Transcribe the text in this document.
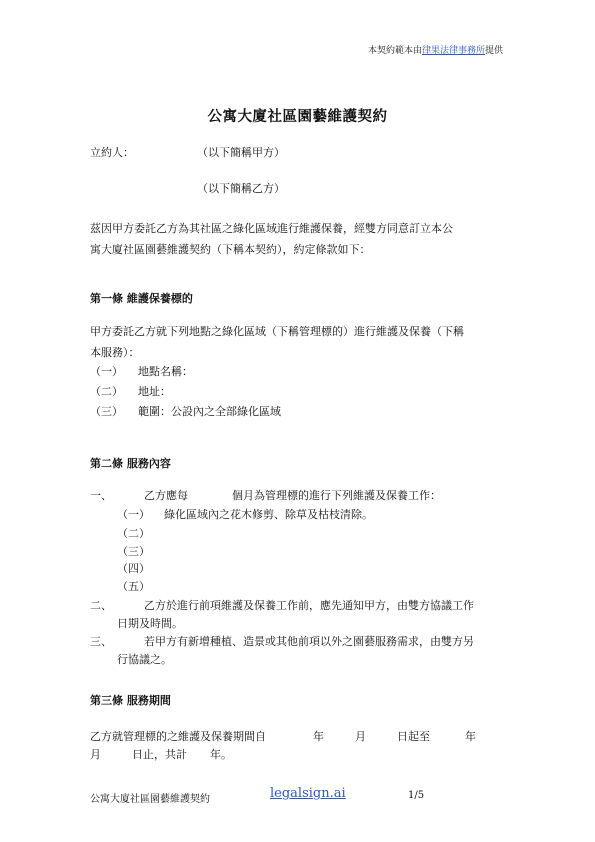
本契約範本由律果法律事務所提供
公寓大廈社區園藝維護契約
立約人：	（以下簡稱甲方）
（以下簡稱乙方）
茲因甲方委託乙方為其社區之綠化區域進行維護保養，經雙方同意訂立本公
寓大廈社區園藝維護契約（下稱本契約），約定條款如下：
第一條 維護保養標的
甲方委託乙方就下列地點之綠化區域（下稱管理標的）進行維護及保養（下稱
本服務）：
（一） 地點名稱：
（二） 地址：
（三） 範圍：公設內之全部綠化區域
第二條 服務內容
一、	乙方應每	個月為管理標的進行下列維護及保養工作：
（一） 綠化區域內之花木修剪、除草及枯枝清除。
（二）
（三）
（四）
（五）
二、	乙方於進行前項維護及保養工作前，應先通知甲方，由雙方協議工作
日期及時間。
三、	若甲方有新增種植、造景或其他前項以外之園藝服務需求，由雙方另
行協議之。
第三條 服務期間
乙方就管理標的之維護及保養期間自	年	月	日起至	年
月	日止，共計 年。
公寓大廈社區園藝維護契約	legalsign.ai	1/5
